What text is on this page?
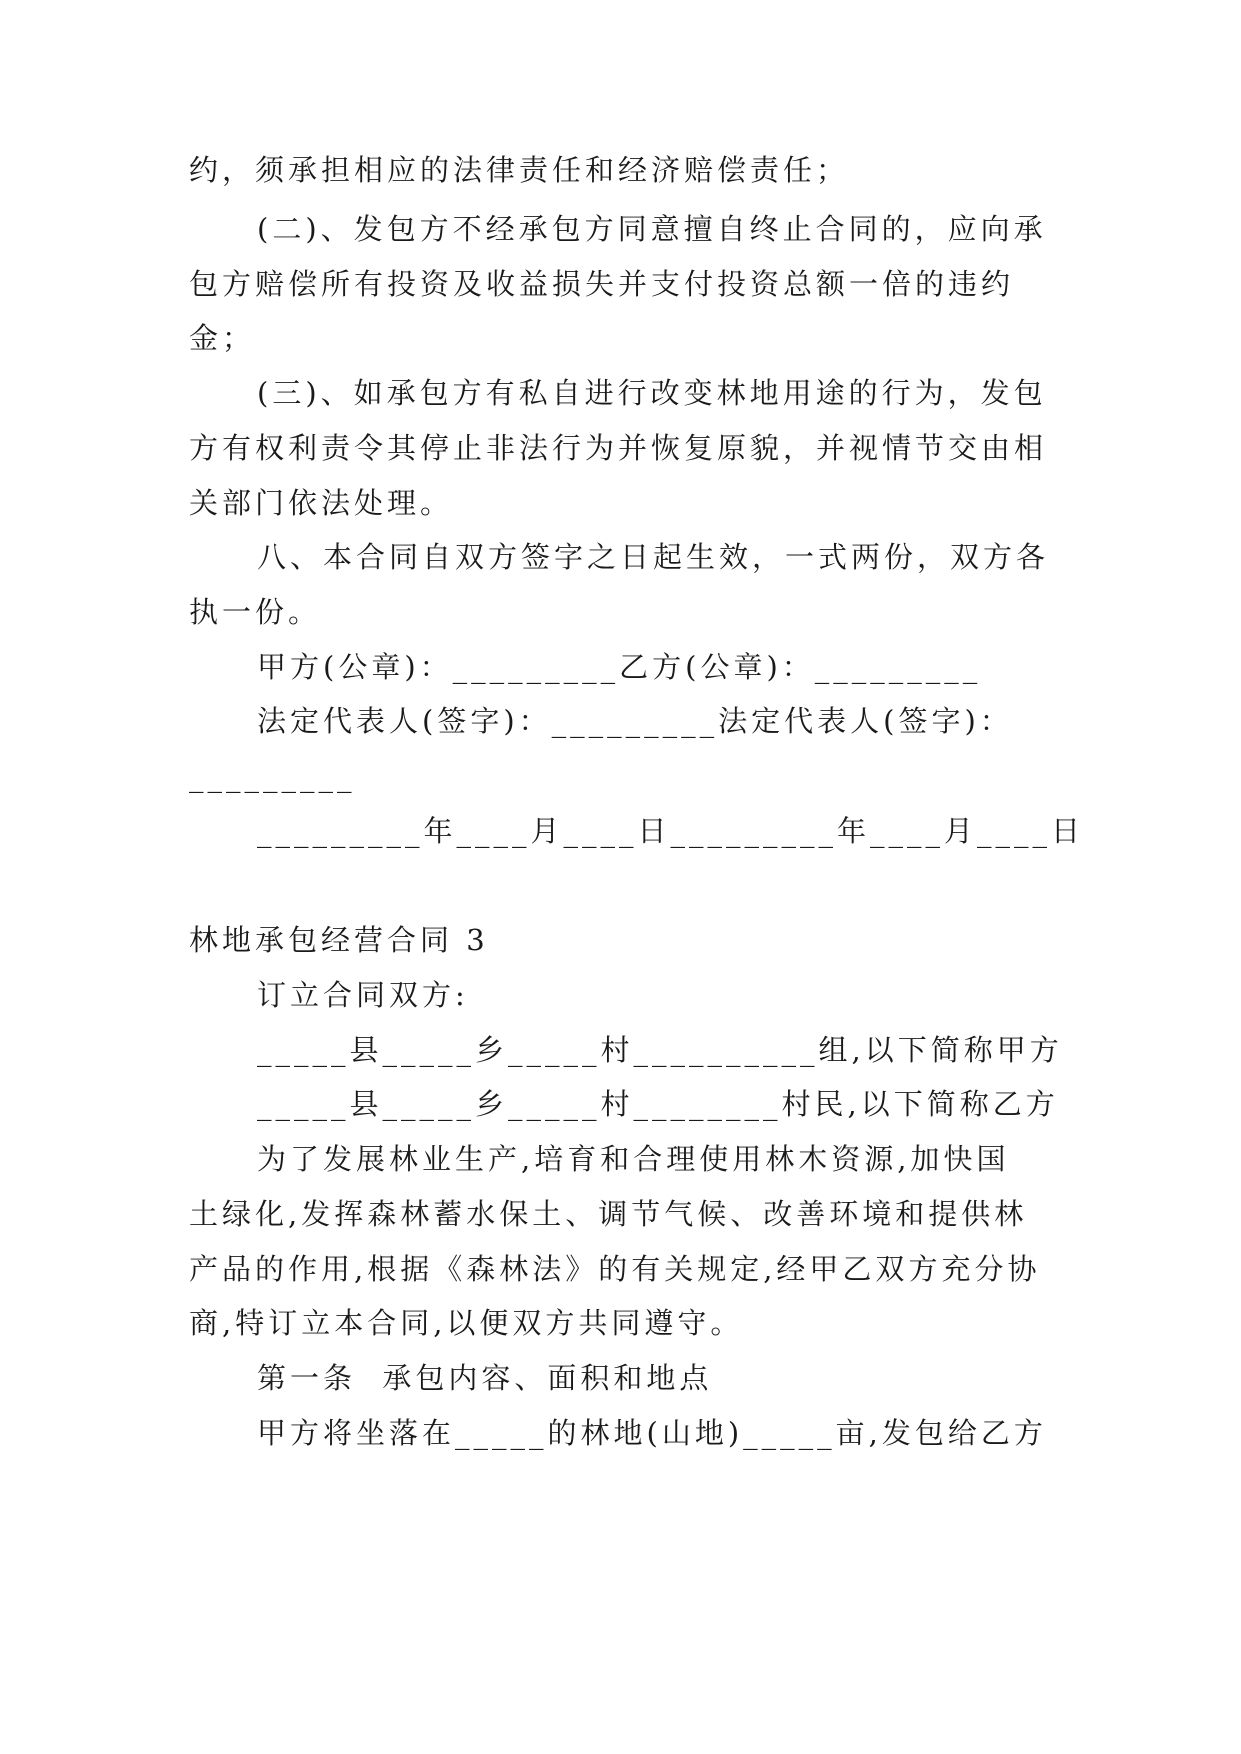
约，须承担相应的法律责任和经济赔偿责任；
(二)、发包方不经承包方同意擅自终止合同的，应向承
包方赔偿所有投资及收益损失并支付投资总额一倍的违约
金；
(三)、如承包方有私自进行改变林地用途的行为，发包
方有权利责令其停止非法行为并恢复原貌，并视情节交由相
关部门依法处理。
八、本合同自双方签字之日起生效，一式两份，双方各
执一份。
甲方(公章)：_________乙方(公章)：_________
法定代表人(签字)：_________法定代表人(签字)：
_________
_________年____月____日_________年____月____日
林地承包经营合同 3
订立合同双方:
_____县_____乡_____村__________组,以下简称甲方
_____县_____乡_____村________村民,以下简称乙方
为了发展林业生产,培育和合理使用林木资源,加快国
土绿化,发挥森林蓄水保土、调节气候、改善环境和提供林
产品的作用,根据《森林法》的有关规定,经甲乙双方充分协
商,特订立本合同,以便双方共同遵守。
第一条  承包内容、面积和地点
甲方将坐落在_____的林地(山地)_____亩,发包给乙方
